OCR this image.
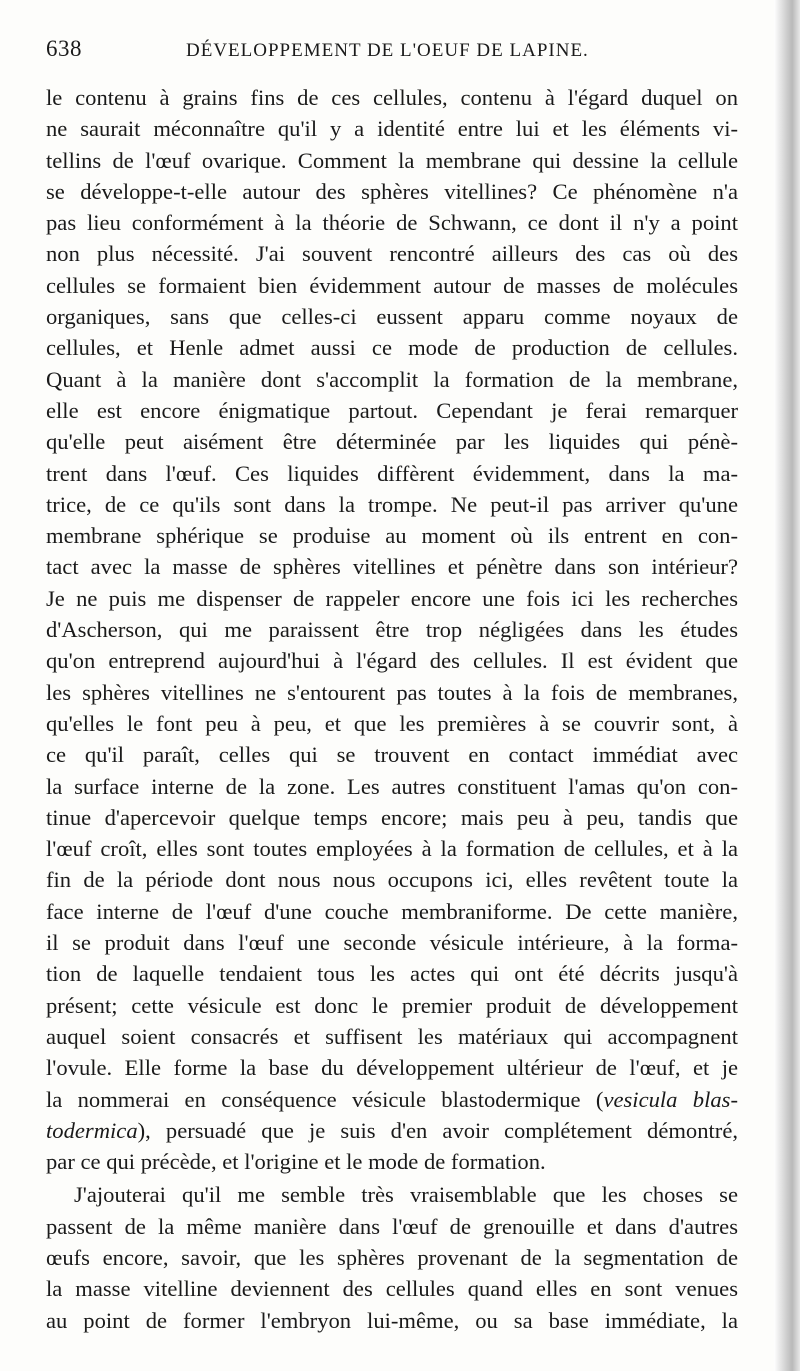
638	DÉVELOPPEMENT DE L'OEUF DE LAPINE.
le contenu à grains fins de ces cellules, contenu à l'égard duquel on
ne saurait méconnaître qu'il y a identité entre lui et les éléments vi-
tellins de l'œuf ovarique. Comment la membrane qui dessine la cellule
se développe-t-elle autour des sphères vitellines? Ce phénomène n'a
pas lieu conformément à la théorie de Schwann, ce dont il n'y a point
non plus nécessité. J'ai souvent rencontré ailleurs des cas où des
cellules se formaient bien évidemment autour de masses de molécules
organiques, sans que celles-ci eussent apparu comme noyaux de
cellules, et Henle admet aussi ce mode de production de cellules.
Quant à la manière dont s'accomplit la formation de la membrane,
elle est encore énigmatique partout. Cependant je ferai remarquer
qu'elle peut aisément être déterminée par les liquides qui pénè-
trent dans l'œuf. Ces liquides diffèrent évidemment, dans la ma-
trice, de ce qu'ils sont dans la trompe. Ne peut-il pas arriver qu'une
membrane sphérique se produise au moment où ils entrent en con-
tact avec la masse de sphères vitellines et pénètre dans son intérieur?
Je ne puis me dispenser de rappeler encore une fois ici les recherches
d'Ascherson, qui me paraissent être trop négligées dans les études
qu'on entreprend aujourd'hui à l'égard des cellules. Il est évident que
les sphères vitellines ne s'entourent pas toutes à la fois de membranes,
qu'elles le font peu à peu, et que les premières à se couvrir sont, à
ce qu'il paraît, celles qui se trouvent en contact immédiat avec
la surface interne de la zone. Les autres constituent l'amas qu'on con-
tinue d'apercevoir quelque temps encore; mais peu à peu, tandis que
l'œuf croît, elles sont toutes employées à la formation de cellules, et à la
fin de la période dont nous nous occupons ici, elles revêtent toute la
face interne de l'œuf d'une couche membraniforme. De cette manière,
il se produit dans l'œuf une seconde vésicule intérieure, à la forma-
tion de laquelle tendaient tous les actes qui ont été décrits jusqu'à
présent; cette vésicule est donc le premier produit de développement
auquel soient consacrés et suffisent les matériaux qui accompagnent
l'ovule. Elle forme la base du développement ultérieur de l'œuf, et je
la nommerai en conséquence vésicule blastodermique (vesicula blas-
todermica), persuadé que je suis d'en avoir complétement démontré,
par ce qui précède, et l'origine et le mode de formation.
J'ajouterai qu'il me semble très vraisemblable que les choses se
passent de la même manière dans l'œuf de grenouille et dans d'autres
œufs encore, savoir, que les sphères provenant de la segmentation de
la masse vitelline deviennent des cellules quand elles en sont venues
au point de former l'embryon lui-même, ou sa base immédiate, la
